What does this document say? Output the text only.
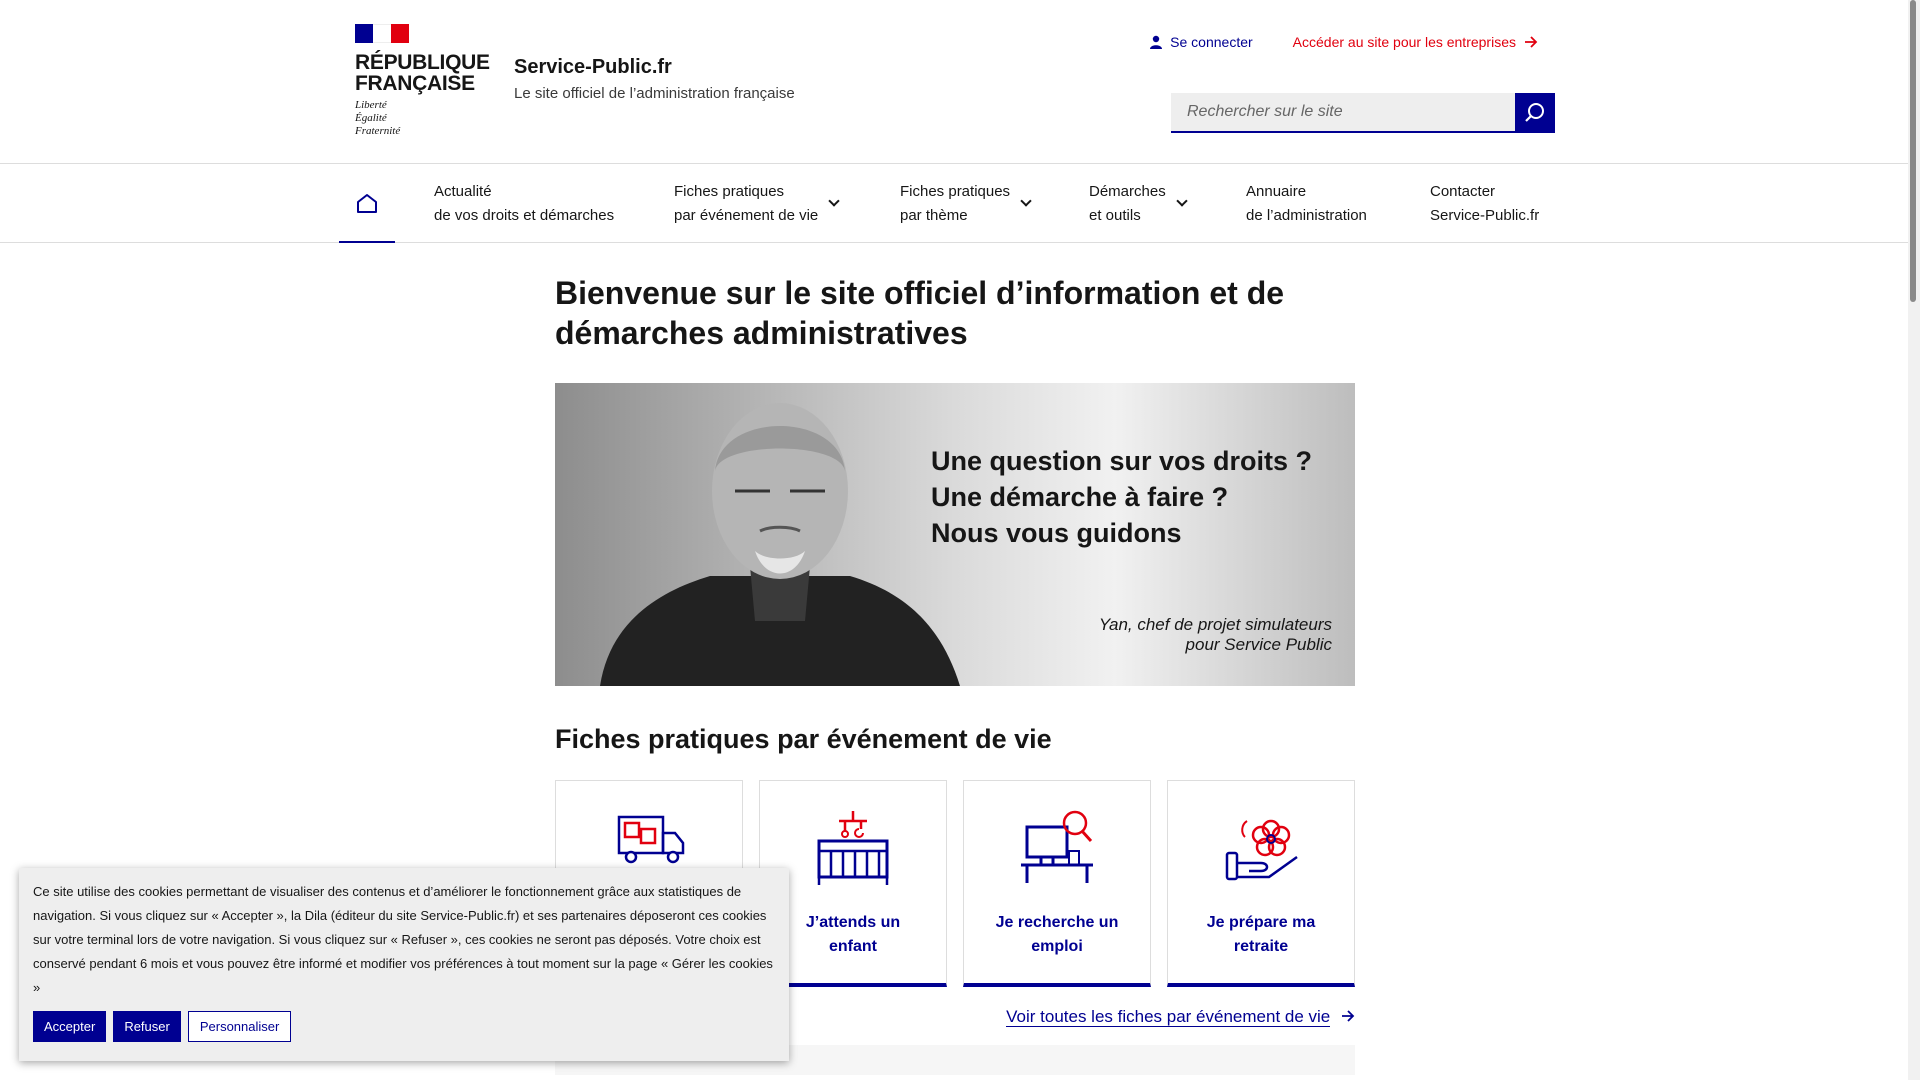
RÉPUBLIQUE
FRANÇAISE
Liberté
Égalité
Fraternité
Service-Public.fr
Le site officiel de l’administration française
Se connecter	Accéder au site pour les entreprises
Rechercher sur le site
Actualité
de vos droits et démarches
Fiches pratiques
par événement de vie
Fiches pratiques
par thème
Démarches
et outils
Annuaire
de l’administration
Contacter
Service-Public.fr
Bienvenue sur le site officiel d’information et de démarches administratives
Une question sur vos droits ?
Une démarche à faire ?
Nous vous guidons
Yan, chef de projet simulateurs
pour Service Public
Fiches pratiques par événement de vie
J’attends un
enfant
Je recherche un
emploi
Je prépare ma
retraite
Voir toutes les fiches par événement de vie

Ce site utilise des cookies permettant de visualiser des contenus et d’améliorer le fonctionnement grâce aux statistiques de navigation. Si vous cliquez sur « Accepter », la Dila (éditeur du site Service-Public.fr) et ses partenaires déposeront ces cookies sur votre terminal lors de votre navigation. Si vous cliquez sur « Refuser », ces cookies ne seront pas déposés. Votre choix est conservé pendant 6 mois et vous pouvez être informé et modifier vos préférences à tout moment sur la page « Gérer les cookies »

Accepter	Refuser	Personnaliser
